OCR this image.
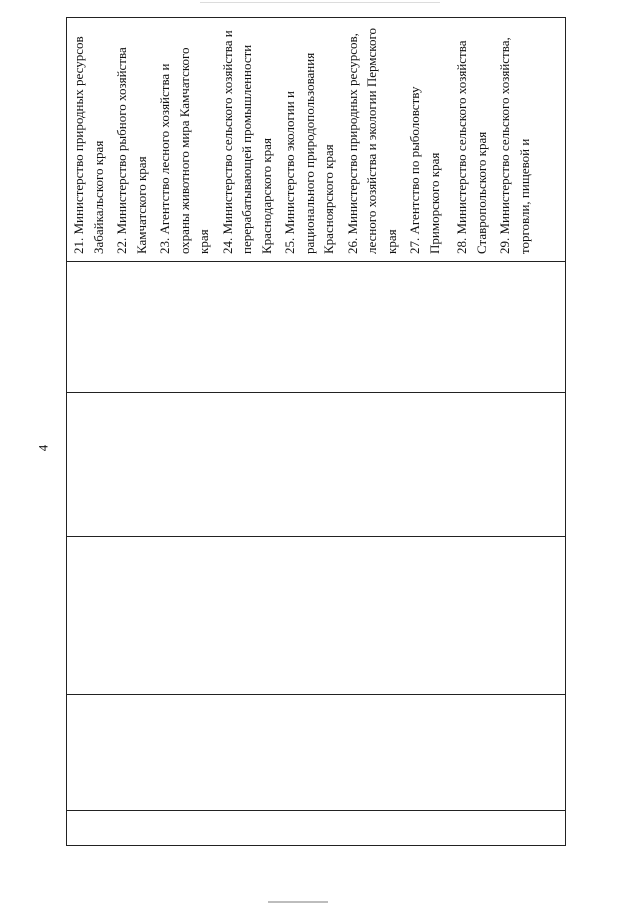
4
21. Министерство природных ресурсов Забайкальского края 22. Министерство рыбного хозяйства Камчатского края 23. Агентство лесного хозяйства и охраны животного мира Камчатского края 24. Министерство сельского хозяйства и перерабатывающей промышленности Краснодарского края 25. Министерство экологии и рационального природопользования Красноярского края 26. Министерство природных ресурсов, лесного хозяйства и экологии Пермского края 27. Агентство по рыболовству Приморского края 28. Министерство сельского хозяйства Ставропольского края 29. Министерство сельского хозяйства, торговли, пищевой и
